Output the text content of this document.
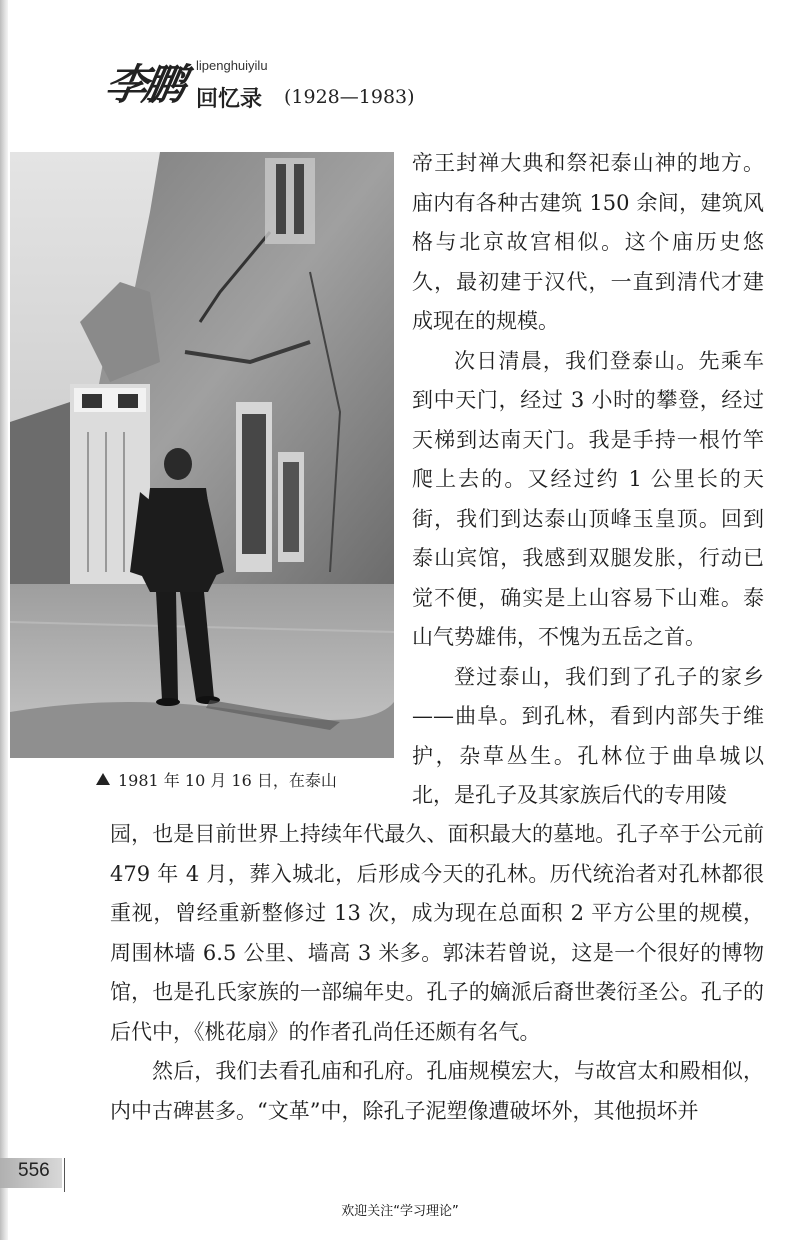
李鹏 lipenghuiyilu
回忆录 (1928—1983)
1981 年 10 月 16 日，在泰山

帝王封禅大典和祭祀泰山神的地方。庙内有各种古建筑 150 余间，建筑风格与北京故宫相似。这个庙历史悠久，最初建于汉代，一直到清代才建成现在的规模。

次日清晨，我们登泰山。先乘车到中天门，经过 3 小时的攀登，经过天梯到达南天门。我是手持一根竹竿爬上去的。又经过约 1 公里长的天街，我们到达泰山顶峰玉皇顶。回到泰山宾馆，我感到双腿发胀，行动已觉不便，确实是上山容易下山难。泰山气势雄伟，不愧为五岳之首。

登过泰山，我们到了孔子的家乡——曲阜。到孔林，看到内部失于维护，杂草丛生。孔林位于曲阜城以北，是孔子及其家族后代的专用陵

园，也是目前世界上持续年代最久、面积最大的墓地。孔子卒于公元前 479 年 4 月，葬入城北，后形成今天的孔林。历代统治者对孔林都很重视，曾经重新整修过 13 次，成为现在总面积 2 平方公里的规模，周围林墙 6.5 公里、墙高 3 米多。郭沫若曾说，这是一个很好的博物馆，也是孔氏家族的一部编年史。孔子的嫡派后裔世袭衍圣公。孔子的后代中，《桃花扇》的作者孔尚任还颇有名气。

然后，我们去看孔庙和孔府。孔庙规模宏大，与故宫太和殿相似，内中古碑甚多。“文革”中，除孔子泥塑像遭破坏外，其他损坏并

556
欢迎关注“学习理论”
